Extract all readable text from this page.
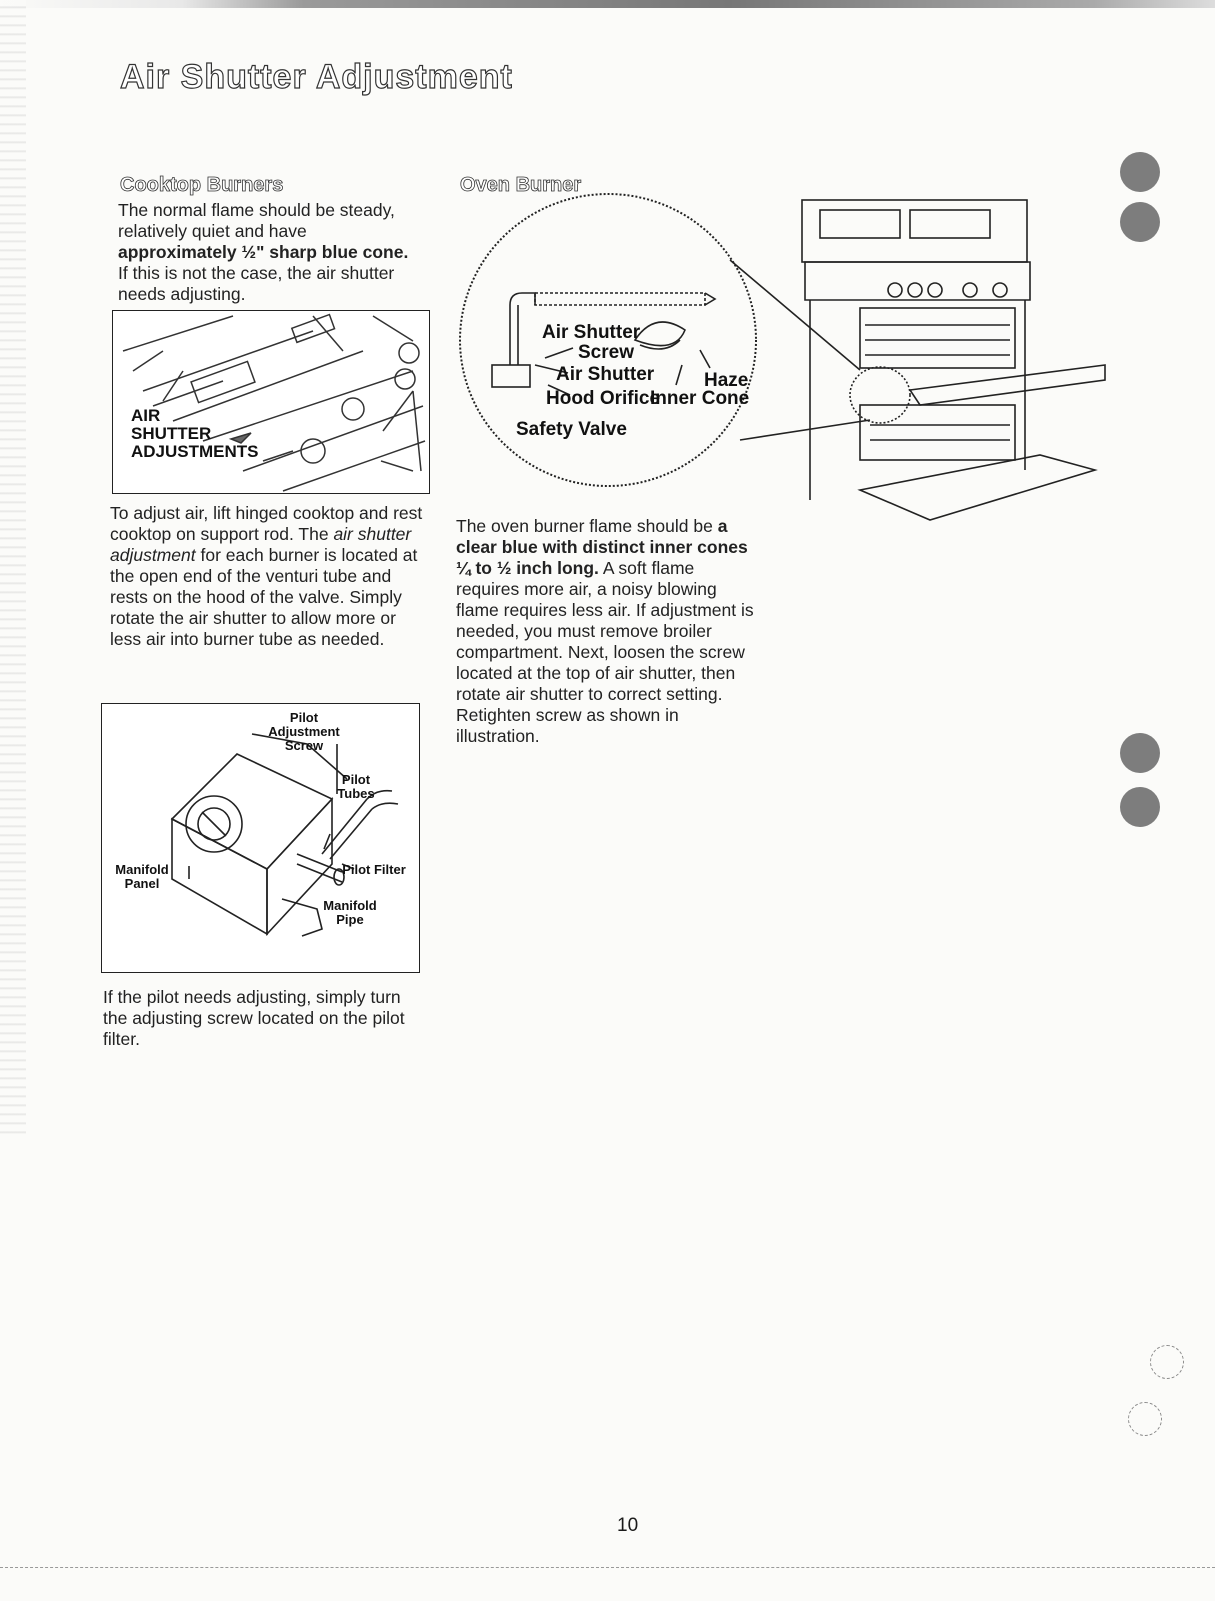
Air Shutter Adjustment
Cooktop Burners
The normal flame should be steady, relatively quiet and have approximately ½" sharp blue cone. If this is not the case, the air shutter needs adjusting.
AIR
SHUTTER
ADJUSTMENTS
To adjust air, lift hinged cooktop and rest cooktop on support rod. The air shutter adjustment for each burner is located at the open end of the venturi tube and rests on the hood of the valve. Simply rotate the air shutter to allow more or less air into burner tube as needed.
Pilot
Adjustment
Screw
Pilot
Tubes
Manifold
Panel
Pilot Filter
Manifold
Pipe
If the pilot needs adjusting, simply turn the adjusting screw located on the pilot filter.
Oven Burner
Air Shutter
Screw
Air Shutter	Haze
Hood Orifice
Inner Cone
Safety Valve
The oven burner flame should be a clear blue with distinct inner cones ¼ to ½ inch long. A soft flame requires more air, a noisy blowing flame requires less air. If adjustment is needed, you must remove broiler compartment. Next, loosen the screw located at the top of air shutter, then rotate air shutter to correct setting. Retighten screw as shown in illustration.
10
